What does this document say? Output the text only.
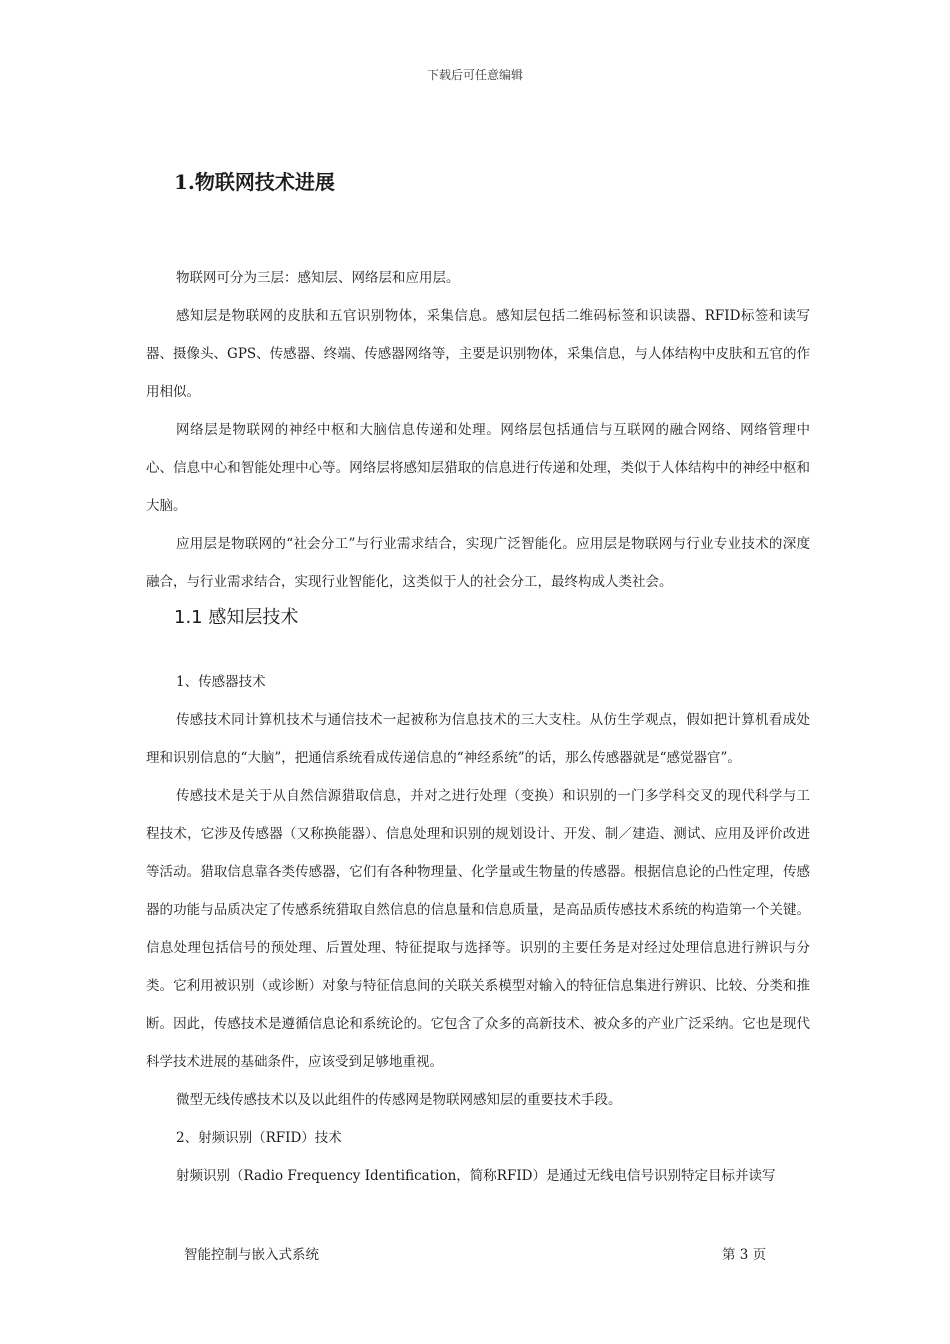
下载后可任意编辑
1.物联网技术进展

物联网可分为三层：感知层、网络层和应用层。

感知层是物联网的皮肤和五官识别物体，采集信息。感知层包括二维码标签和识读器、RFID标签和读写器、摄像头、GPS、传感器、终端、传感器网络等，主要是识别物体，采集信息，与人体结构中皮肤和五官的作用相似。

网络层是物联网的神经中枢和大脑信息传递和处理。网络层包括通信与互联网的融合网络、网络管理中心、信息中心和智能处理中心等。网络层将感知层猎取的信息进行传递和处理，类似于人体结构中的神经中枢和大脑。

应用层是物联网的“社会分工”与行业需求结合，实现广泛智能化。应用层是物联网与行业专业技术的深度融合，与行业需求结合，实现行业智能化，这类似于人的社会分工，最终构成人类社会。

1.1 感知层技术

1、传感器技术

传感技术同计算机技术与通信技术一起被称为信息技术的三大支柱。从仿生学观点，假如把计算机看成处理和识别信息的“大脑”，把通信系统看成传递信息的“神经系统”的话，那么传感器就是“感觉器官”。

传感技术是关于从自然信源猎取信息，并对之进行处理（变换）和识别的一门多学科交叉的现代科学与工程技术，它涉及传感器（又称换能器）、信息处理和识别的规划设计、开发、制／建造、测试、应用及评价改进等活动。猎取信息靠各类传感器，它们有各种物理量、化学量或生物量的传感器。根据信息论的凸性定理，传感器的功能与品质决定了传感系统猎取自然信息的信息量和信息质量，是高品质传感技术系统的构造第一个关键。信息处理包括信号的预处理、后置处理、特征提取与选择等。识别的主要任务是对经过处理信息进行辨识与分类。它利用被识别（或诊断）对象与特征信息间的关联关系模型对输入的特征信息集进行辨识、比较、分类和推断。因此，传感技术是遵循信息论和系统论的。它包含了众多的高新技术、被众多的产业广泛采纳。它也是现代科学技术进展的基础条件，应该受到足够地重视。

微型无线传感技术以及以此组件的传感网是物联网感知层的重要技术手段。

2、射频识别（RFID）技术

射频识别（Radio Frequency Identification，简称RFID）是通过无线电信号识别特定目标并读写

智能控制与嵌入式系统	第 3 页
